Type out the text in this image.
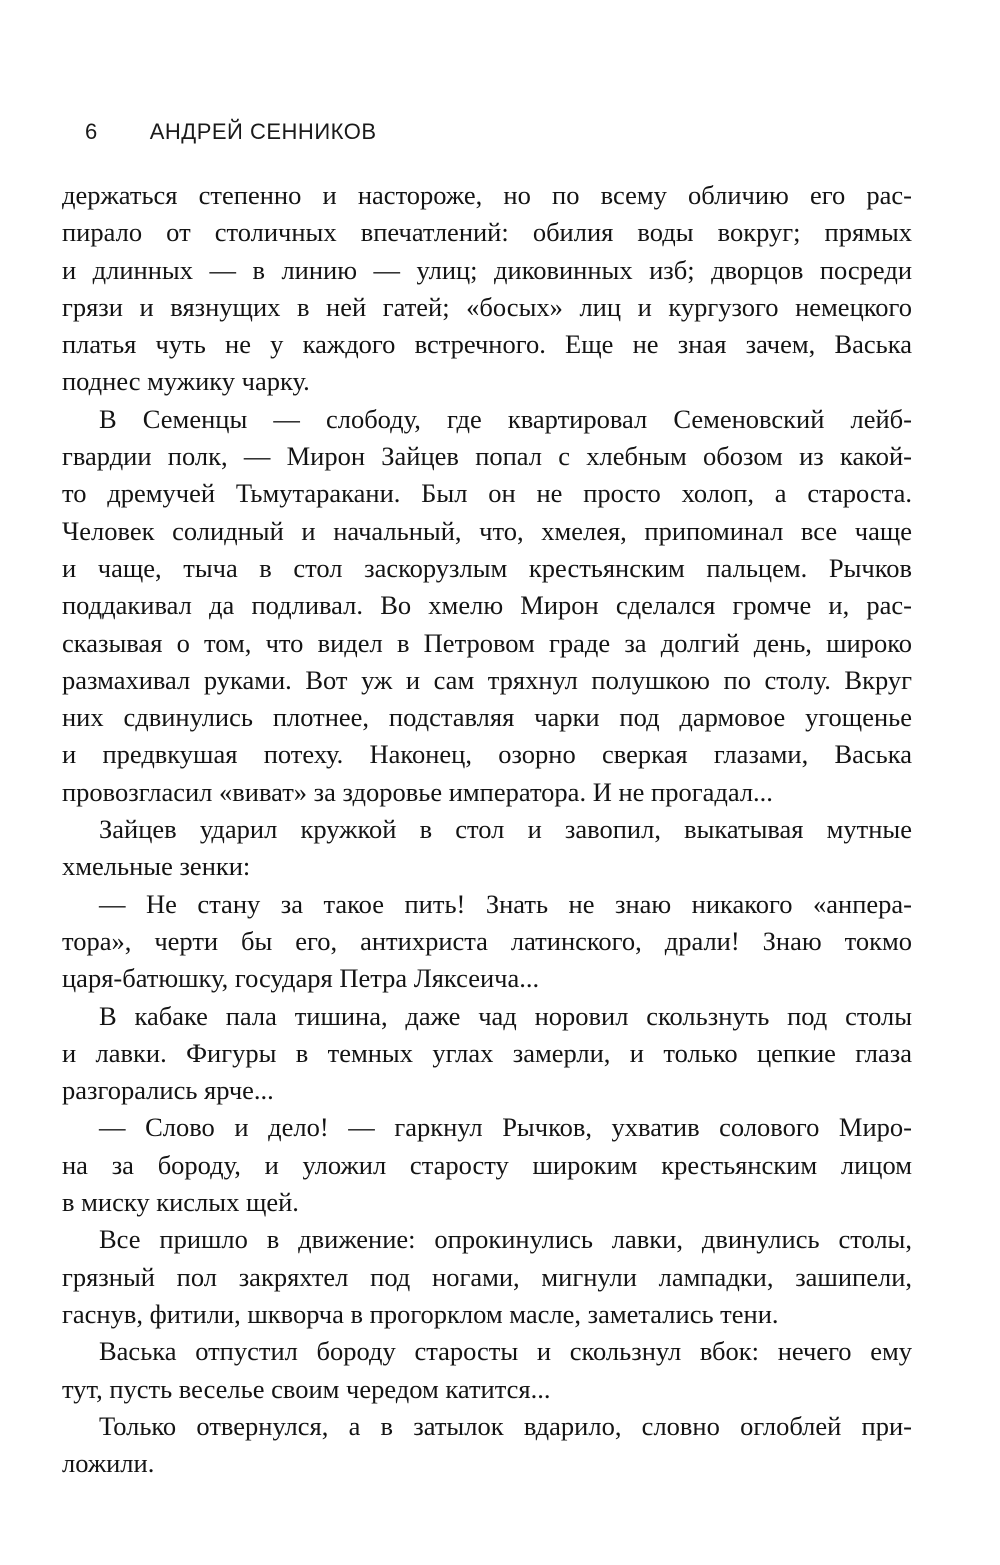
6 АНДРЕЙ СЕННИКОВ
держаться степенно и настороже, но по всему обличию его рас-
пирало от столичных впечатлений: обилия воды вокруг; прямых
и длинных — в линию — улиц; диковинных изб; дворцов посреди
грязи и вязнущих в ней гатей; «босых» лиц и кургузого немецкого
платья чуть не у каждого встречного. Еще не зная зачем, Васька
поднес мужику чарку.
В Семенцы — слободу, где квартировал Семеновский лейб-
гвардии полк, — Мирон Зайцев попал с хлебным обозом из какой-
то дремучей Тьмутаракани. Был он не просто холоп, а староста.
Человек солидный и начальный, что, хмелея, припоминал все чаще
и чаще, тыча в стол заскорузлым крестьянским пальцем. Рычков
поддакивал да подливал. Во хмелю Мирон сделался громче и, рас-
сказывая о том, что видел в Петровом граде за долгий день, широко
размахивал руками. Вот уж и сам тряхнул полушкою по столу. Вкруг
них сдвинулись плотнее, подставляя чарки под дармовое угощенье
и предвкушая потеху. Наконец, озорно сверкая глазами, Васька
провозгласил «виват» за здоровье императора. И не прогадал...
Зайцев ударил кружкой в стол и завопил, выкатывая мутные
хмельные зенки:
— Не стану за такое пить! Знать не знаю никакого «анпера-
тора», черти бы его, антихриста латинского, драли! Знаю токмо
царя-батюшку, государя Петра Ляксеича...
В кабаке пала тишина, даже чад норовил скользнуть под столы
и лавки. Фигуры в темных углах замерли, и только цепкие глаза
разгорались ярче...
— Слово и дело! — гаркнул Рычков, ухватив солового Миро-
на за бороду, и уложил старосту широким крестьянским лицом
в миску кислых щей.
Все пришло в движение: опрокинулись лавки, двинулись столы,
грязный пол закряхтел под ногами, мигнули лампадки, зашипели,
гаснув, фитили, шкворча в прогорклом масле, заметались тени.
Васька отпустил бороду старосты и скользнул вбок: нечего ему
тут, пусть веселье своим чередом катится...
Только отвернулся, а в затылок вдарило, словно оглоблей при-
ложили.
